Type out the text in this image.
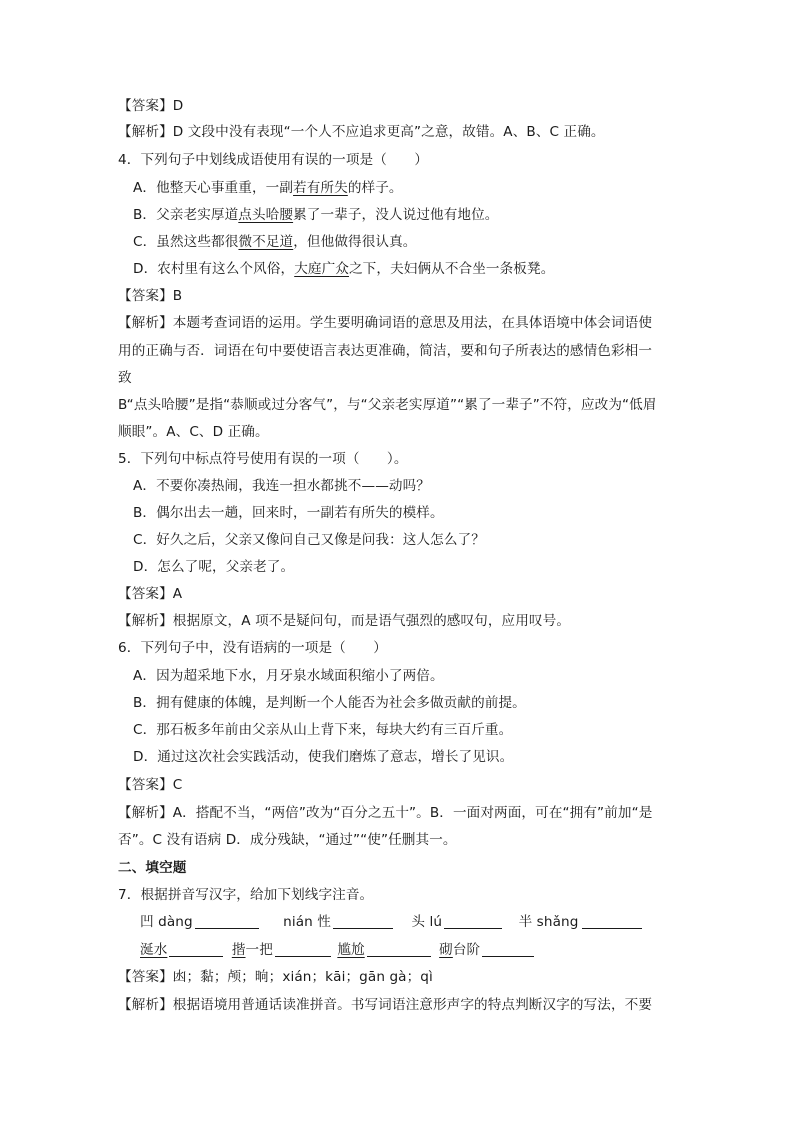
【答案】D
【解析】D 文段中没有表现“一个人不应追求更高”之意，故错。A、B、C 正确。
4．下列句子中划线成语使用有误的一项是（　　）
A．他整天心事重重，一副若有所失的样子。
B．父亲老实厚道点头哈腰累了一辈子，没人说过他有地位。
C．虽然这些都很微不足道，但他做得很认真。
D．农村里有这么个风俗，大庭广众之下，夫妇俩从不合坐一条板凳。
【答案】B
【解析】本题考查词语的运用。学生要明确词语的意思及用法，在具体语境中体会词语使
用的正确与否．词语在句中要使语言表达更准确，简洁，要和句子所表达的感情色彩相一
致
B“点头哈腰”是指“恭顺或过分客气”，与“父亲老实厚道”“累了一辈子”不符，应改为“低眉
顺眼”。A、C、D 正确。
5．下列句中标点符号使用有误的一项（　　）。
A．不要你凑热闹，我连一担水都挑不——动吗？
B．偶尔出去一趟，回来时，一副若有所失的模样。
C．好久之后，父亲又像问自己又像是问我：这人怎么了？
D．怎么了呢，父亲老了。
【答案】A
【解析】根据原文，A 项不是疑问句，而是语气强烈的感叹句，应用叹号。
6．下列句子中，没有语病的一项是（　　）
A．因为超采地下水，月牙泉水域面积缩小了两倍。
B．拥有健康的体魄，是判断一个人能否为社会多做贡献的前提。
C．那石板多年前由父亲从山上背下来，每块大约有三百斤重。
D．通过这次社会实践活动，使我们磨炼了意志，增长了见识。
【答案】C
【解析】A．搭配不当，“两倍”改为“百分之五十”。B．一面对两面，可在“拥有”前加“是
否”。C 没有语病 D．成分残缺，“通过”“使”任删其一。
二、填空题
7．根据拼音写汉字，给加下划线字注音。
凹 dàng	nián 性	头 lú	半 shǎng
涎水	揩一把	尴尬	砌台阶
【答案】凼；黏；颅；晌；xián；kāi；gān gà；qì
【解析】根据语境用普通话读准拼音。书写词语注意形声字的特点判断汉字的写法，不要
